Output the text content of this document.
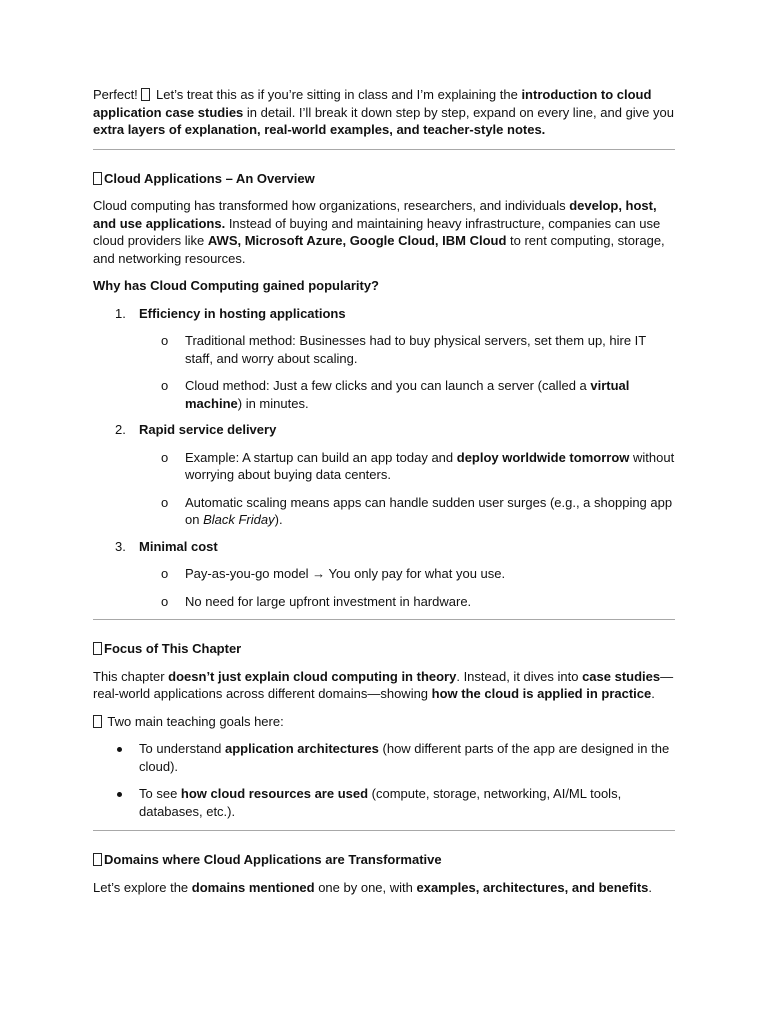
Perfect!  Let’s treat this as if you’re sitting in class and I’m explaining the introduction to cloud application case studies in detail. I’ll break it down step by step, expand on every line, and give you extra layers of explanation, real-world examples, and teacher-style notes.

Cloud Applications – An Overview

Cloud computing has transformed how organizations, researchers, and individuals develop, host, and use applications. Instead of buying and maintaining heavy infrastructure, companies can use cloud providers like AWS, Microsoft Azure, Google Cloud, IBM Cloud to rent computing, storage, and networking resources.

Why has Cloud Computing gained popularity?

1. Efficiency in hosting applications
o Traditional method: Businesses had to buy physical servers, set them up, hire IT staff, and worry about scaling.
o Cloud method: Just a few clicks and you can launch a server (called a virtual machine) in minutes.
2. Rapid service delivery
o Example: A startup can build an app today and deploy worldwide tomorrow without worrying about buying data centers.
o Automatic scaling means apps can handle sudden user surges (e.g., a shopping app on Black Friday).
3. Minimal cost
o Pay-as-you-go model → You only pay for what you use.
o No need for large upfront investment in hardware.

Focus of This Chapter

This chapter doesn’t just explain cloud computing in theory. Instead, it dives into case studies—real-world applications across different domains—showing how the cloud is applied in practice.

Two main teaching goals here:

To understand application architectures (how different parts of the app are designed in the cloud).
To see how cloud resources are used (compute, storage, networking, AI/ML tools, databases, etc.).

Domains where Cloud Applications are Transformative

Let’s explore the domains mentioned one by one, with examples, architectures, and benefits.
